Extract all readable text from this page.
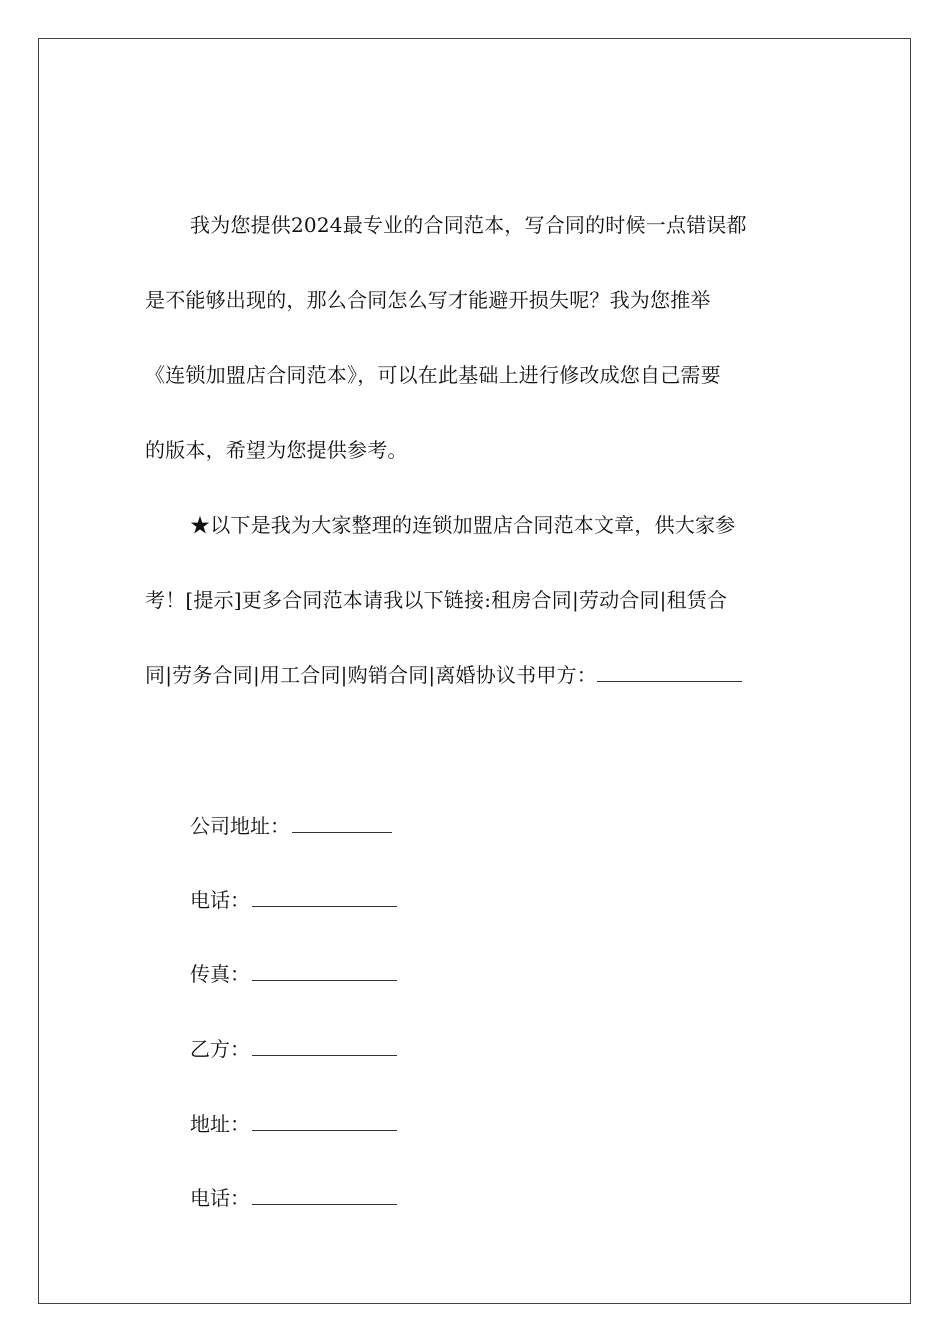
我为您提供2024最专业的合同范本，写合同的时候一点错误都
是不能够出现的，那么合同怎么写才能避开损失呢？我为您推举
《连锁加盟店合同范本》，可以在此基础上进行修改成您自己需要
的版本，希望为您提供参考。
★以下是我为大家整理的连锁加盟店合同范本文章，供大家参
考！[提示]更多合同范本请我以下链接:租房合同|劳动合同|租赁合
同|劳务合同|用工合同|购销合同|离婚协议书甲方：
公司地址：
电话：
传真：
乙方：
地址：
电话：
